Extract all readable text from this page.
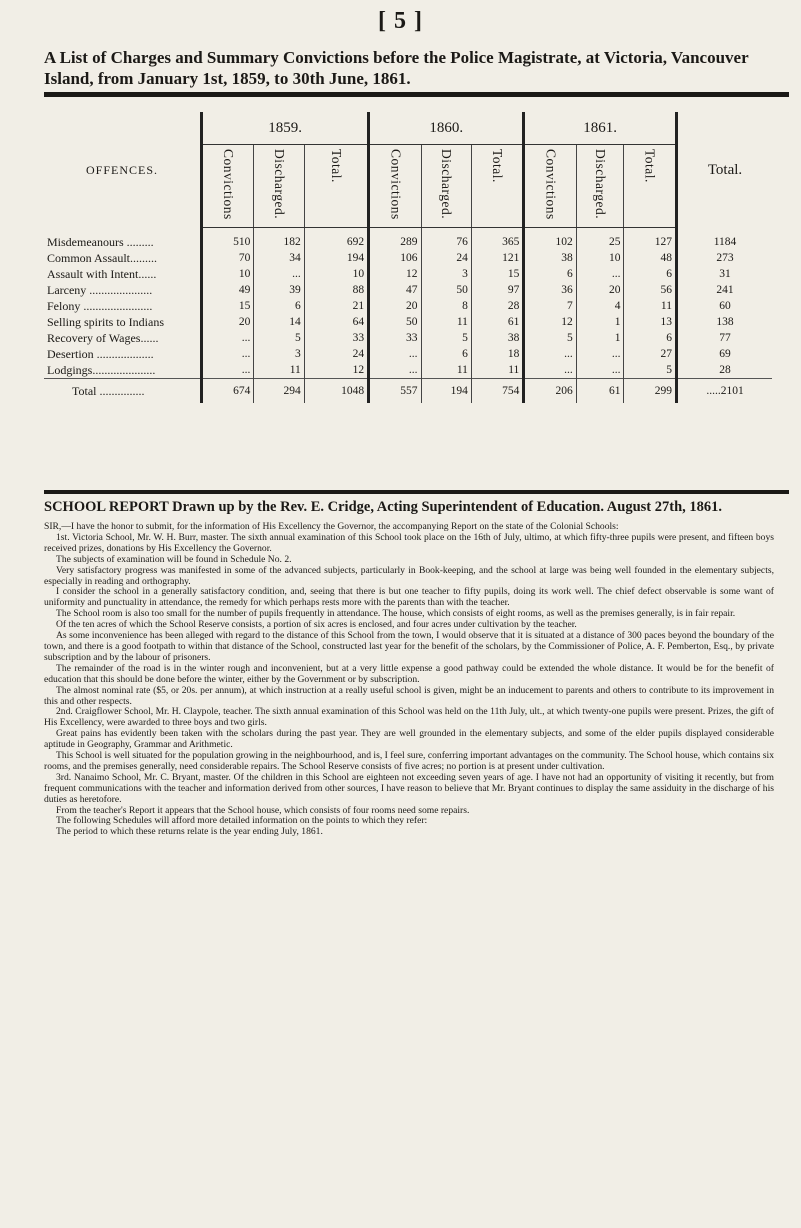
[ 5 ]
A List of Charges and Summary Convictions before the Police Magistrate, at Victoria, Vancouver Island, from January 1st, 1859, to 30th June, 1861.
OFFENCES.	1859.			1860.			1861.			Total.
	Convictions	Discharged.	Total.	Convictions	Discharged.	Total.	Convictions	Discharged.	Total.	
Misdemeanours .........	510	182	692	289	76	365	102	25	127	1184
Common Assault.........	70	34	194	106	24	121	38	10	48	273
Assault with Intent......	10	...	10	12	3	15	6	...	6	31
Larceny .....................	49	39	88	47	50	97	36	20	56	241
Felony .......................	15	6	21	20	8	28	7	4	11	60
Selling spirits to Indians	20	14	64	50	11	61	12	1	13	138
Recovery of Wages......	...	5	33	33	5	38	5	1	6	77
Desertion ...................	...	3	24	...	6	18	...	...	27	69
Lodgings.....................	...	11	12	...	11	11	...	...	5	28
Total ...............	674	294	1048	557	194	754	206	61	299	.....2101
SCHOOL REPORT Drawn up by the Rev. E. Cridge, Acting Superintendent of Education. August 27th, 1861.

SIR,—I have the honor to submit, for the information of His Excellency the Governor, the accompanying Report on the state of the Colonial Schools:

1st. Victoria School, Mr. W. H. Burr, master. The sixth annual examination of this School took place on the 16th of July, ultimo, at which fifty-three pupils were present, and fifteen boys received prizes, donations by His Excellency the Governor.

The subjects of examination will be found in Schedule No. 2.

Very satisfactory progress was manifested in some of the advanced subjects, particularly in Book-keeping, and the school at large was being well founded in the elementary subjects, especially in reading and orthography.

I consider the school in a generally satisfactory condition, and, seeing that there is but one teacher to fifty pupils, doing its work well. The chief defect observable is some want of uniformity and punctuality in attendance, the remedy for which perhaps rests more with the parents than with the teacher.

The School room is also too small for the number of pupils frequently in attendance. The house, which consists of eight rooms, as well as the premises generally, is in fair repair.

Of the ten acres of which the School Reserve consists, a portion of six acres is enclosed, and four acres under cultivation by the teacher.

As some inconvenience has been alleged with regard to the distance of this School from the town, I would observe that it is situated at a distance of 300 paces beyond the boundary of the town, and there is a good footpath to within that distance of the School, constructed last year for the benefit of the scholars, by the Commissioner of Police, A. F. Pemberton, Esq., by private subscription and by the labour of prisoners.

The remainder of the road is in the winter rough and inconvenient, but at a very little expense a good pathway could be extended the whole distance. It would be for the benefit of education that this should be done before the winter, either by the Government or by subscription.

The almost nominal rate ($5, or 20s. per annum), at which instruction at a really useful school is given, might be an inducement to parents and others to contribute to its improvement in this and other respects.

2nd. Craigflower School, Mr. H. Claypole, teacher. The sixth annual examination of this School was held on the 11th July, ult., at which twenty-one pupils were present. Prizes, the gift of His Excellency, were awarded to three boys and two girls.

Great pains has evidently been taken with the scholars during the past year. They are well grounded in the elementary subjects, and some of the elder pupils displayed considerable aptitude in Geography, Grammar and Arithmetic.

This School is well situated for the population growing in the neighbourhood, and is, I feel sure, conferring important advantages on the community. The School house, which contains six rooms, and the premises generally, need considerable repairs. The School Reserve consists of five acres; no portion is at present under cultivation.

3rd. Nanaimo School, Mr. C. Bryant, master. Of the children in this School are eighteen not exceeding seven years of age. I have not had an opportunity of visiting it recently, but from frequent communications with the teacher and information derived from other sources, I have reason to believe that Mr. Bryant continues to display the same assiduity in the discharge of his duties as heretofore.

From the teacher's Report it appears that the School house, which consists of four rooms need some repairs.

The following Schedules will afford more detailed information on the points to which they refer:

The period to which these returns relate is the year ending July, 1861.
